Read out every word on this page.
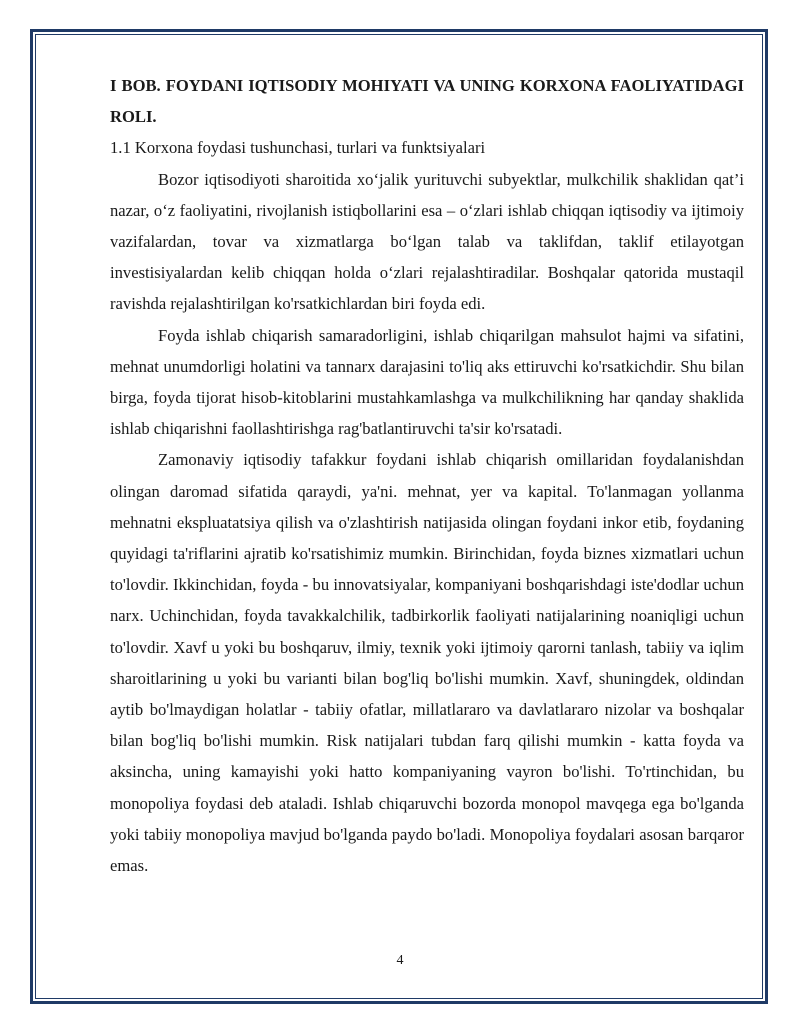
I BOB. FOYDANI IQTISODIY MOHIYATI VA UNING KORXONA FAOLIYATIDAGI ROLI.

1.1 Korxona foydasi tushunchasi, turlari va funktsiyalari

Bozor iqtisodiyoti sharoitida xo‘jalik yurituvchi subyektlar, mulkchilik shaklidan qat’i nazar, o‘z faoliyatini, rivojlanish istiqbollarini esa – o‘zlari ishlab chiqqan iqtisodiy va ijtimoiy vazifalardan, tovar va xizmatlarga bo‘lgan talab va taklifdan, taklif etilayotgan investisiyalardan kelib chiqqan holda o‘zlari rejalashtiradilar. Boshqalar qatorida mustaqil ravishda rejalashtirilgan ko'rsatkichlardan biri foyda edi.

Foyda ishlab chiqarish samaradorligini, ishlab chiqarilgan mahsulot hajmi va sifatini, mehnat unumdorligi holatini va tannarx darajasini to'liq aks ettiruvchi ko'rsatkichdir. Shu bilan birga, foyda tijorat hisob-kitoblarini mustahkamlashga va mulkchilikning har qanday shaklida ishlab chiqarishni faollashtirishga rag'batlantiruvchi ta'sir ko'rsatadi.

Zamonaviy iqtisodiy tafakkur foydani ishlab chiqarish omillaridan foydalanishdan olingan daromad sifatida qaraydi, ya'ni. mehnat, yer va kapital. To'lanmagan yollanma mehnatni ekspluatatsiya qilish va o'zlashtirish natijasida olingan foydani inkor etib, foydaning quyidagi ta'riflarini ajratib ko'rsatishimiz mumkin. Birinchidan, foyda biznes xizmatlari uchun to'lovdir. Ikkinchidan, foyda - bu innovatsiyalar, kompaniyani boshqarishdagi iste'dodlar uchun narx. Uchinchidan, foyda tavakkalchilik, tadbirkorlik faoliyati natijalarining noaniqligi uchun to'lovdir. Xavf u yoki bu boshqaruv, ilmiy, texnik yoki ijtimoiy qarorni tanlash, tabiiy va iqlim sharoitlarining u yoki bu varianti bilan bog'liq bo'lishi mumkin. Xavf, shuningdek, oldindan aytib bo'lmaydigan holatlar - tabiiy ofatlar, millatlararo va davlatlararo nizolar va boshqalar bilan bog'liq bo'lishi mumkin. Risk natijalari tubdan farq qilishi mumkin - katta foyda va aksincha, uning kamayishi yoki hatto kompaniyaning vayron bo'lishi. To'rtinchidan, bu monopoliya foydasi deb ataladi. Ishlab chiqaruvchi bozorda monopol mavqega ega bo'lganda yoki tabiiy monopoliya mavjud bo'lganda paydo bo'ladi. Monopoliya foydalari asosan barqaror emas.

4
